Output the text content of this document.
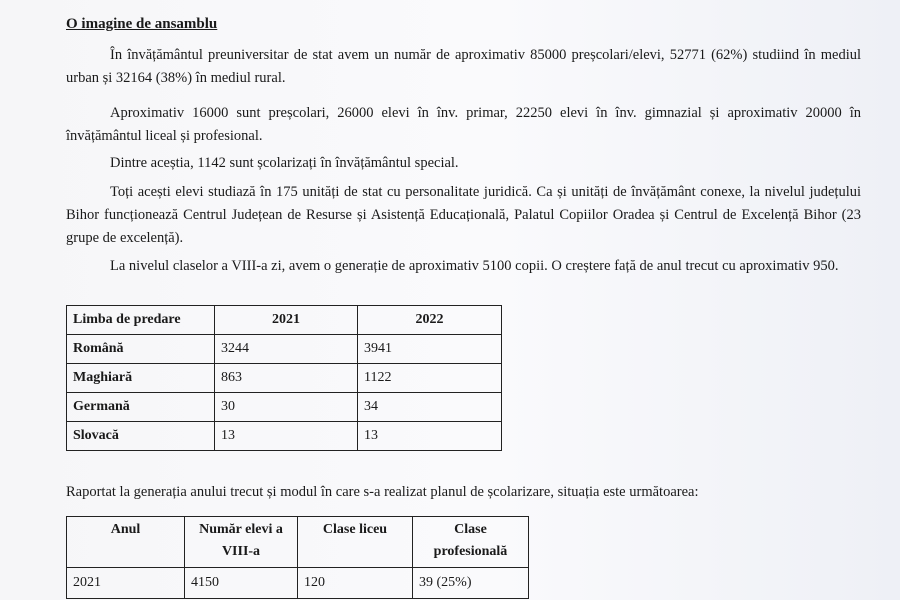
O imagine de ansamblu

În învățământul preuniversitar de stat avem un număr de aproximativ 85000 preșcolari/elevi, 52771 (62%) studiind în mediul urban și 32164 (38%) în mediul rural.

Aproximativ 16000 sunt preșcolari, 26000 elevi în înv. primar, 22250 elevi în înv. gimnazial și aproximativ 20000 în învățământul liceal și profesional.

Dintre aceștia, 1142 sunt școlarizați în învățământul special.

Toți acești elevi studiază în 175 unități de stat cu personalitate juridică. Ca și unități de învățământ conexe, la nivelul județului Bihor funcționează Centrul Județean de Resurse și Asistență Educațională, Palatul Copiilor Oradea și Centrul de Excelență Bihor (23 grupe de excelență).

La nivelul claselor a VIII-a zi, avem o generație de aproximativ 5100 copii. O creștere față de anul trecut cu aproximativ 950.

Limba de predare	2021	2022
Română	3244	3941
Maghiară	863	1122
Germană	30	34
Slovacă	13	13
Raportat la generația anului trecut și modul în care s-a realizat planul de școlarizare, situația este următoarea:
Anul	Număr elevi a VIII-a	Clase liceu	Clase profesională
2021	4150	120	39 (25%)
